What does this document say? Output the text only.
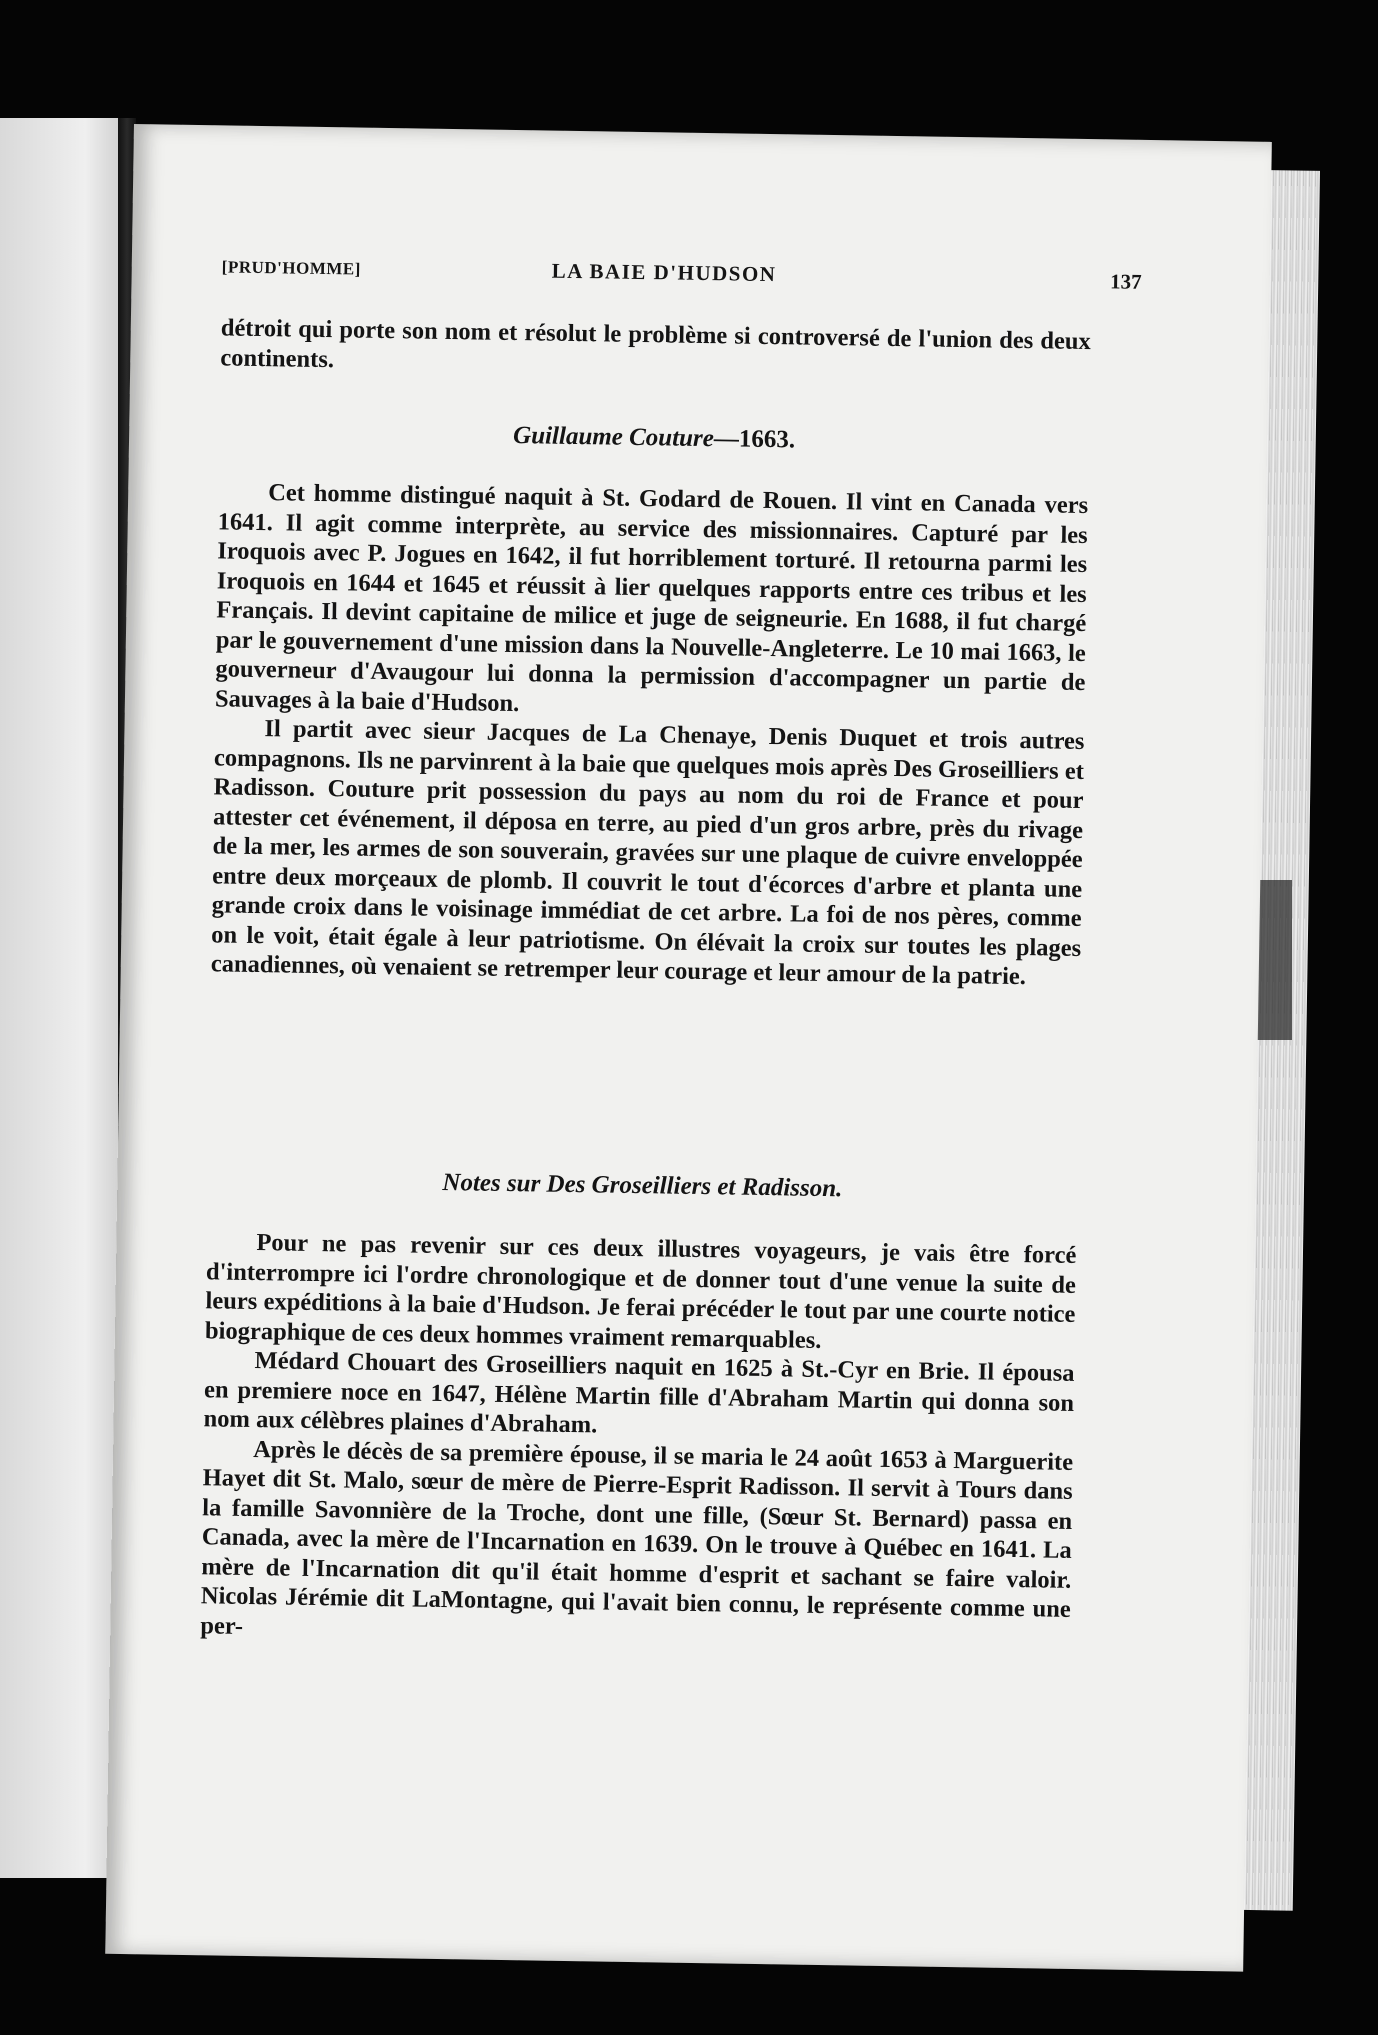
[PRUD'HOMME]	LA BAIE D'HUDSON	137

détroit qui porte son nom et résolut le problème si controversé de l'union des deux continents.

Guillaume Couture—1663.

Cet homme distingué naquit à St. Godard de Rouen. Il vint en Canada vers 1641. Il agit comme interprète, au service des missionnaires. Capturé par les Iroquois avec P. Jogues en 1642, il fut horriblement torturé. Il retourna parmi les Iroquois en 1644 et 1645 et réussit à lier quelques rapports entre ces tribus et les Français. Il devint capitaine de milice et juge de seigneurie. En 1688, il fut chargé par le gouvernement d'une mission dans la Nouvelle-Angleterre. Le 10 mai 1663, le gouverneur d'Avaugour lui donna la permission d'accompagner un partie de Sauvages à la baie d'Hudson.

Il partit avec sieur Jacques de La Chenaye, Denis Duquet et trois autres compagnons. Ils ne parvinrent à la baie que quelques mois après Des Groseilliers et Radisson. Couture prit possession du pays au nom du roi de France et pour attester cet événement, il déposa en terre, au pied d'un gros arbre, près du rivage de la mer, les armes de son souverain, gravées sur une plaque de cuivre enveloppée entre deux morçeaux de plomb. Il couvrit le tout d'écorces d'arbre et planta une grande croix dans le voisinage immédiat de cet arbre. La foi de nos pères, comme on le voit, était égale à leur patriotisme. On élévait la croix sur toutes les plages canadiennes, où venaient se retremper leur courage et leur amour de la patrie.

Notes sur Des Groseilliers et Radisson.

Pour ne pas revenir sur ces deux illustres voyageurs, je vais être forcé d'interrompre ici l'ordre chronologique et de donner tout d'une venue la suite de leurs expéditions à la baie d'Hudson. Je ferai précéder le tout par une courte notice biographique de ces deux hommes vraiment remarquables.

Médard Chouart des Groseilliers naquit en 1625 à St.-Cyr en Brie. Il épousa en premiere noce en 1647, Hélène Martin fille d'Abraham Martin qui donna son nom aux célèbres plaines d'Abraham.

Après le décès de sa première épouse, il se maria le 24 août 1653 à Marguerite Hayet dit St. Malo, sœur de mère de Pierre-Esprit Radisson. Il servit à Tours dans la famille Savonnière de la Troche, dont une fille, (Sœur St. Bernard) passa en Canada, avec la mère de l'Incarnation en 1639. On le trouve à Québec en 1641. La mère de l'Incarnation dit qu'il était homme d'esprit et sachant se faire valoir. Nicolas Jérémie dit LaMontagne, qui l'avait bien connu, le représente comme une per-
